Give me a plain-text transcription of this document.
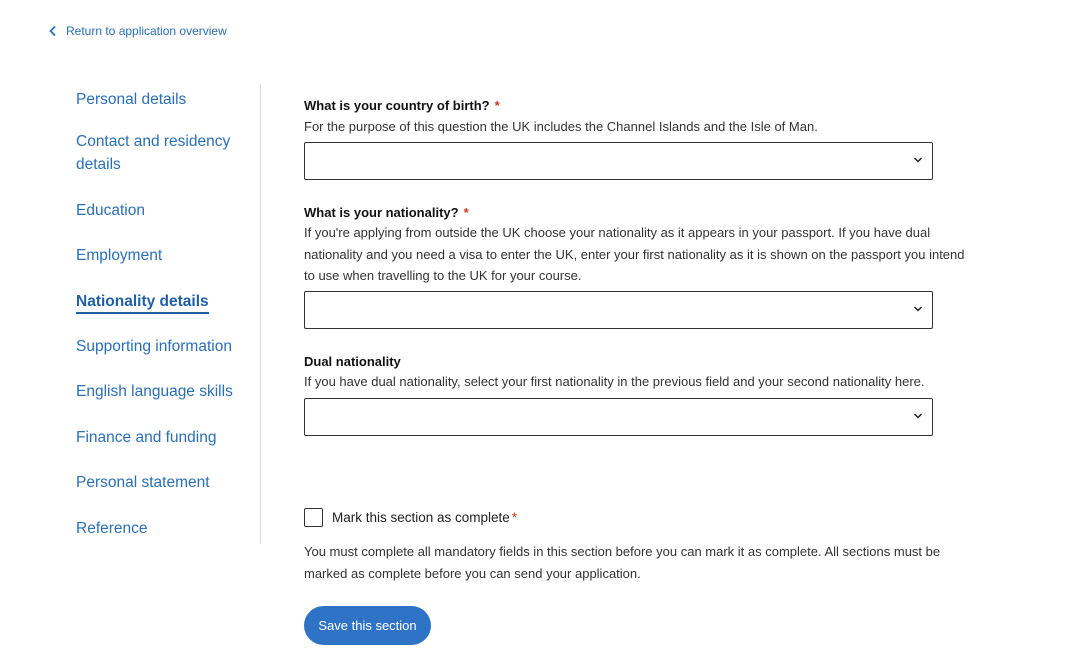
Return to application overview
Personal details
Contact and residency details
Education
Employment
Nationality details
Supporting information
English language skills
Finance and funding
Personal statement
Reference
What is your country of birth? *
For the purpose of this question the UK includes the Channel Islands and the Isle of Man.
What is your nationality? *
If you're applying from outside the UK choose your nationality as it appears in your passport. If you have dual nationality and you need a visa to enter the UK, enter your first nationality as it is shown on the passport you intend to use when travelling to the UK for your course.
Dual nationality
If you have dual nationality, select your first nationality in the previous field and your second nationality here.
Mark this section as complete *
You must complete all mandatory fields in this section before you can mark it as complete. All sections must be marked as complete before you can send your application.
Save this section
